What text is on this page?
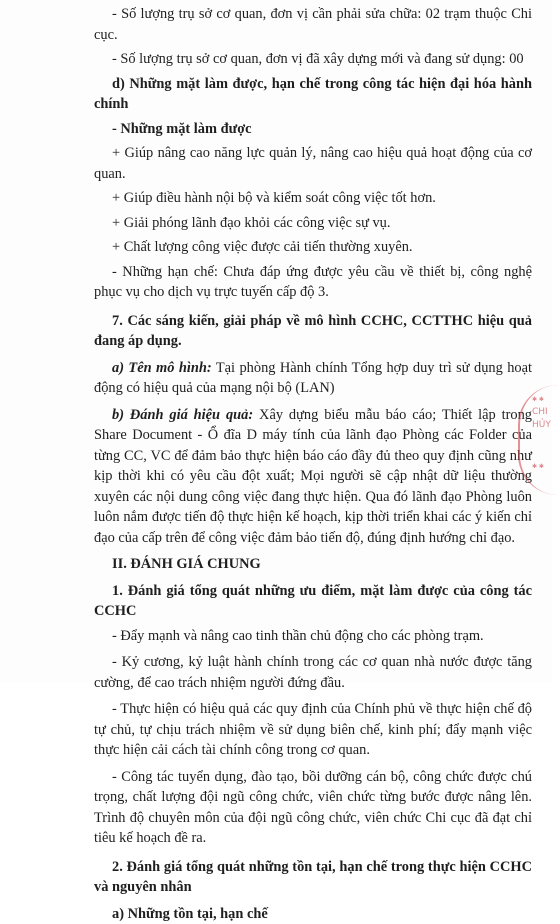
- Số lượng trụ sở cơ quan, đơn vị cần phải sửa chữa: 02 trạm thuộc Chi cục.

- Số lượng trụ sở cơ quan, đơn vị đã xây dựng mới và đang sử dụng: 00

d) Những mặt làm được, hạn chế trong công tác hiện đại hóa hành chính

- Những mặt làm được

+ Giúp nâng cao năng lực quản lý, nâng cao hiệu quả hoạt động của cơ quan.

+ Giúp điều hành nội bộ và kiểm soát công việc tốt hơn.

+ Giải phóng lãnh đạo khỏi các công việc sự vụ.

+ Chất lượng công việc được cải tiến thường xuyên.

- Những hạn chế: Chưa đáp ứng được yêu cầu về thiết bị, công nghệ phục vụ cho dịch vụ trực tuyến cấp độ 3.

7. Các sáng kiến, giải pháp về mô hình CCHC, CCTTHC hiệu quả đang áp dụng.

a) Tên mô hình: Tại phòng Hành chính Tổng hợp duy trì sử dụng hoạt động có hiệu quả của mạng nội bộ (LAN)

b) Đánh giá hiệu quả: Xây dựng biểu mẫu báo cáo; Thiết lập trong Share Document - Ổ đĩa D máy tính của lãnh đạo Phòng các Folder của từng CC, VC để đảm bảo thực hiện báo cáo đầy đủ theo quy định cũng như kịp thời khi có yêu cầu đột xuất; Mọi người sẽ cập nhật dữ liệu thường xuyên các nội dung công việc đang thực hiện. Qua đó lãnh đạo Phòng luôn luôn nắm được tiến độ thực hiện kế hoạch, kịp thời triển khai các ý kiến chỉ đạo của cấp trên để công việc đảm bảo tiến độ, đúng định hướng chỉ đạo.

II. ĐÁNH GIÁ CHUNG

1. Đánh giá tổng quát những ưu điểm, mặt làm được của công tác CCHC

- Đẩy mạnh và nâng cao tinh thần chủ động cho các phòng trạm.

- Kỷ cương, kỷ luật hành chính trong các cơ quan nhà nước được tăng cường, để cao trách nhiệm người đứng đầu.

- Thực hiện có hiệu quả các quy định của Chính phủ về thực hiện chế độ tự chủ, tự chịu trách nhiệm về sử dụng biên chế, kinh phí; đẩy mạnh việc thực hiện cải cách tài chính công trong cơ quan.

- Công tác tuyển dụng, đào tạo, bồi dưỡng cán bộ, công chức được chú trọng, chất lượng đội ngũ công chức, viên chức từng bước được nâng lên. Trình độ chuyên môn của đội ngũ công chức, viên chức Chi cục đã đạt chỉ tiêu kế hoạch đề ra.

2. Đánh giá tổng quát những tồn tại, hạn chế trong thực hiện CCHC và nguyên nhân

a) Những tồn tại, hạn chế

✱ ✱
CHI
HỦY
✱ ✱
